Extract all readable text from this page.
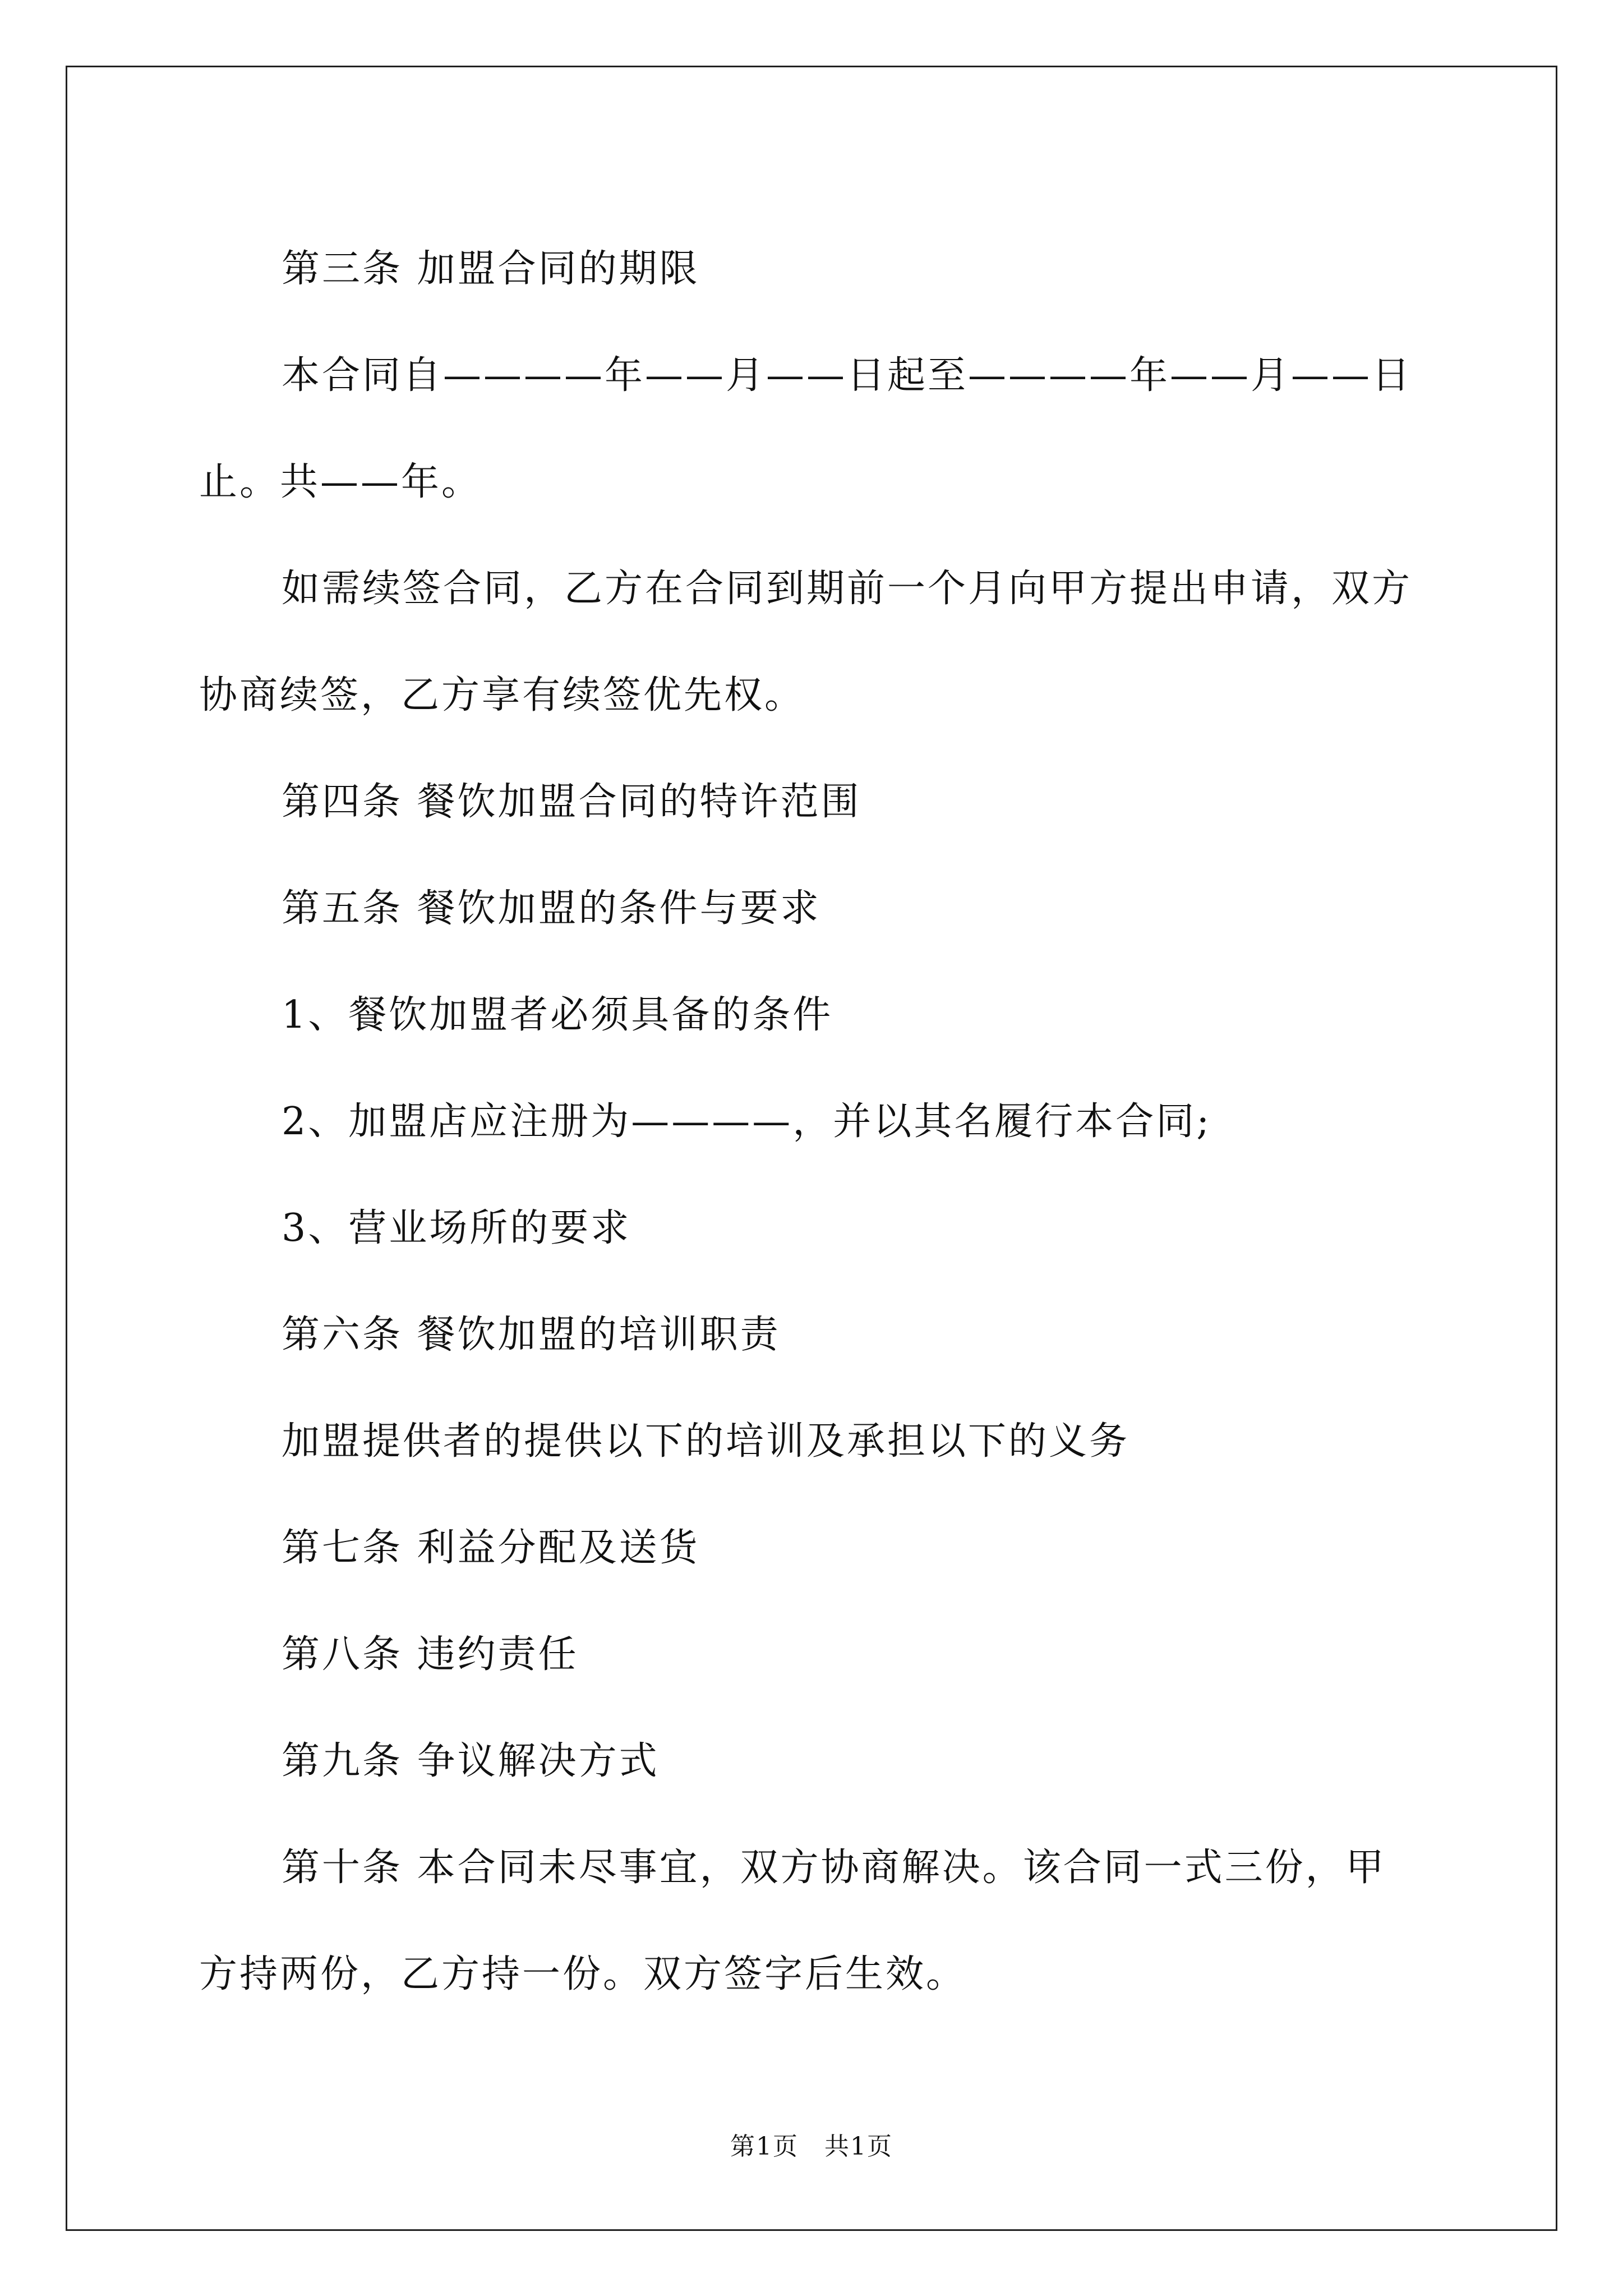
第三条 加盟合同的期限

本合同自————年——月——日起至————年——月——日止。共——年。

如需续签合同，乙方在合同到期前一个月向甲方提出申请，双方协商续签，乙方享有续签优先权。

第四条 餐饮加盟合同的特许范围

第五条 餐饮加盟的条件与要求

1、餐饮加盟者必须具备的条件

2、加盟店应注册为————，并以其名履行本合同;

3、营业场所的要求

第六条 餐饮加盟的培训职责

加盟提供者的提供以下的培训及承担以下的义务

第七条 利益分配及送货

第八条 违约责任

第九条 争议解决方式

第十条 本合同未尽事宜，双方协商解决。该合同一式三份，甲方持两份，乙方持一份。双方签字后生效。

第1页　共1页
